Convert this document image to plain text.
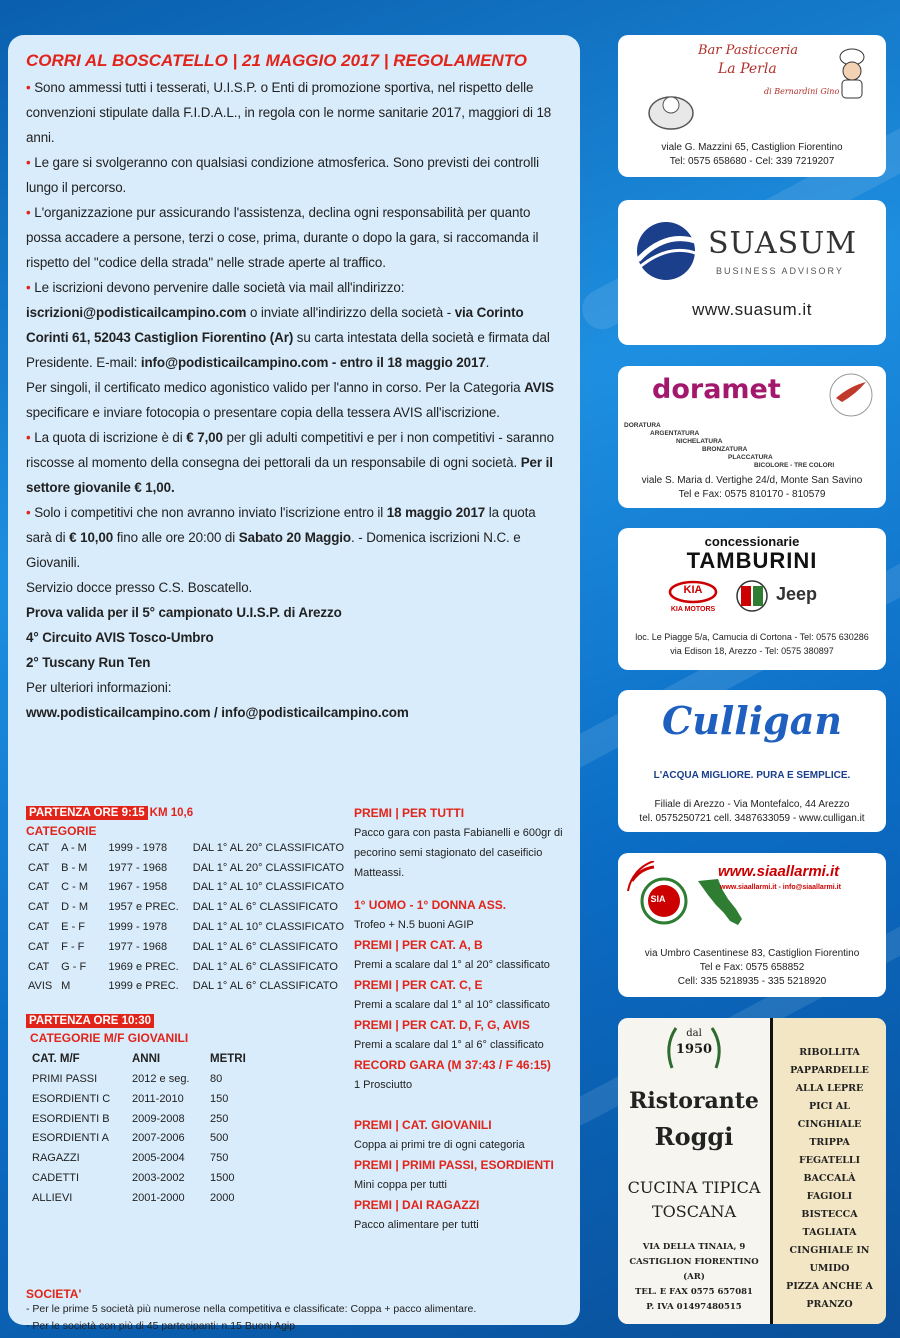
CORRI AL BOSCATELLO | 21 MAGGIO 2017 | REGOLAMENTO

• Sono ammessi tutti i tesserati, U.I.S.P. o Enti di promozione sportiva, nel rispetto delle convenzioni stipulate dalla F.I.D.A.L., in regola con le norme sanitarie 2017, maggiori di 18 anni.

• Le gare si svolgeranno con qualsiasi condizione atmosferica. Sono previsti dei controlli lungo il percorso.

• L'organizzazione pur assicurando l'assistenza, declina ogni responsabilità per quanto possa accadere a persone, terzi o cose, prima, durante o dopo la gara, si raccomanda il rispetto del "codice della strada" nelle strade aperte al traffico.

• Le iscrizioni devono pervenire dalle società via mail all'indirizzo:

iscrizioni@podisticailcampino.com o inviate all'indirizzo della società - via Corinto Corinti 61, 52043 Castiglion Fiorentino (Ar) su carta intestata della società e firmata dal Presidente. E-mail: info@podisticailcampino.com - entro il 18 maggio 2017.

Per singoli, il certificato medico agonistico valido per l'anno in corso. Per la Categoria AVIS specificare e inviare fotocopia o presentare copia della tessera AVIS all'iscrizione.

• La quota di iscrizione è di € 7,00 per gli adulti competitivi e per i non competitivi - saranno riscosse al momento della consegna dei pettorali da un responsabile di ogni società. Per il settore giovanile € 1,00.

• Solo i competitivi che non avranno inviato l'iscrizione entro il 18 maggio 2017 la quota sarà di € 10,00 fino alle ore 20:00 di Sabato 20 Maggio. - Domenica iscrizioni N.C. e Giovanili.

Servizio docce presso C.S. Boscatello.

Prova valida per il 5° campionato U.I.S.P. di Arezzo

4° Circuito AVIS Tosco-Umbro

2° Tuscany Run Ten

Per ulteriori informazioni:

www.podisticailcampino.com / info@podisticailcampino.com

PARTENZA ORE 9:15 KM 10,6
CATEGORIE
CAT	A - M	1999 - 1978	DAL 1° AL 20° CLASSIFICATO
CAT	B - M	1977 - 1968	DAL 1° AL 20° CLASSIFICATO
CAT	C - M	1967 - 1958	DAL 1° AL 10° CLASSIFICATO
CAT	D - M	1957 e PREC.	DAL 1° AL 6° CLASSIFICATO
CAT	E - F	1999 - 1978	DAL 1° AL 10° CLASSIFICATO
CAT	F - F	1977 - 1968	DAL 1° AL 6° CLASSIFICATO
CAT	G - F	1969 e PREC.	DAL 1° AL 6° CLASSIFICATO
AVIS	M	1999 e PREC.	DAL 1° AL 6° CLASSIFICATO
PARTENZA ORE 10:30
CATEGORIE M/F GIOVANILI
CAT. M/F	ANNI	METRI
PRIMI PASSI	2012 e seg.	80
ESORDIENTI C	2011-2010	150
ESORDIENTI B	2009-2008	250
ESORDIENTI A	2007-2006	500
RAGAZZI	2005-2004	750
CADETTI	2003-2002	1500
ALLIEVI	2001-2000	2000
PREMI | PER TUTTI
Pacco gara con pasta Fabianelli e 600gr di pecorino semi stagionato del caseificio Matteassi.
1° UOMO - 1° DONNA ASS.
Trofeo + N.5 buoni AGIP
PREMI | PER CAT. A, B
Premi a scalare dal 1° al 20° classificato
PREMI | PER CAT. C, E
Premi a scalare dal 1° al 10° classificato
PREMI | PER CAT. D, F, G, AVIS
Premi a scalare dal 1° al 6° classificato
RECORD GARA (M 37:43 / F 46:15)
1 Prosciutto
PREMI | CAT. GIOVANILI
Coppa ai primi tre di ogni categoria
PREMI | PRIMI PASSI, ESORDIENTI
Mini coppa per tutti
PREMI | DAI RAGAZZI
Pacco alimentare per tutti
SOCIETA'
- Per le prime 5 società più numerose nella competitiva e classificate: Coppa + pacco alimentare.
- Per le società con più di 45 partecipanti: n.15 Buoni Agip
Bar Pasticceria
La Perla
di Bernardini Gino
viale G. Mazzini 65, Castiglion Fiorentino
Tel: 0575 658680 - Cel: 339 7219207
SUASUM
BUSINESS ADVISORY
www.suasum.it
doramet
DORATURA
ARGENTATURA
NICHELATURA
BRONZATURA
PLACCATURA
BICOLORE - TRE COLORI
viale S. Maria d. Vertighe 24/d, Monte San Savino
Tel e Fax: 0575 810170 - 810579
concessionarie
TAMBURINI
KIA
KIA MOTORS
Jeep
loc. Le Piagge 5/a, Camucia di Cortona - Tel: 0575 630286
via Edison 18, Arezzo - Tel: 0575 380897
Culligan
L'ACQUA MIGLIORE. PURA E SEMPLICE.
Filiale di Arezzo - Via Montefalco, 44 Arezzo
tel. 0575250721 cell. 3487633059 - www.culligan.it
SIA
www.siaallarmi.it
www.siaallarmi.it - info@siaallarmi.it
via Umbro Casentinese 83, Castiglion Fiorentino
Tel e Fax: 0575 658852
Cell: 335 5218935 - 335 5218920
dal
1950
Ristorante
Roggi
CUCINA TIPICA
TOSCANA
VIA DELLA TINAIA, 9
CASTIGLION FIORENTINO (AR)
TEL. E FAX 0575 657081
P. IVA 01497480515
RIBOLLITA
PAPPARDELLE ALLA LEPRE
PICI AL CINGHIALE
TRIPPA
FEGATELLI
BACCALÀ
FAGIOLI
BISTECCA
TAGLIATA
CINGHIALE IN UMIDO
PIZZA ANCHE A PRANZO
